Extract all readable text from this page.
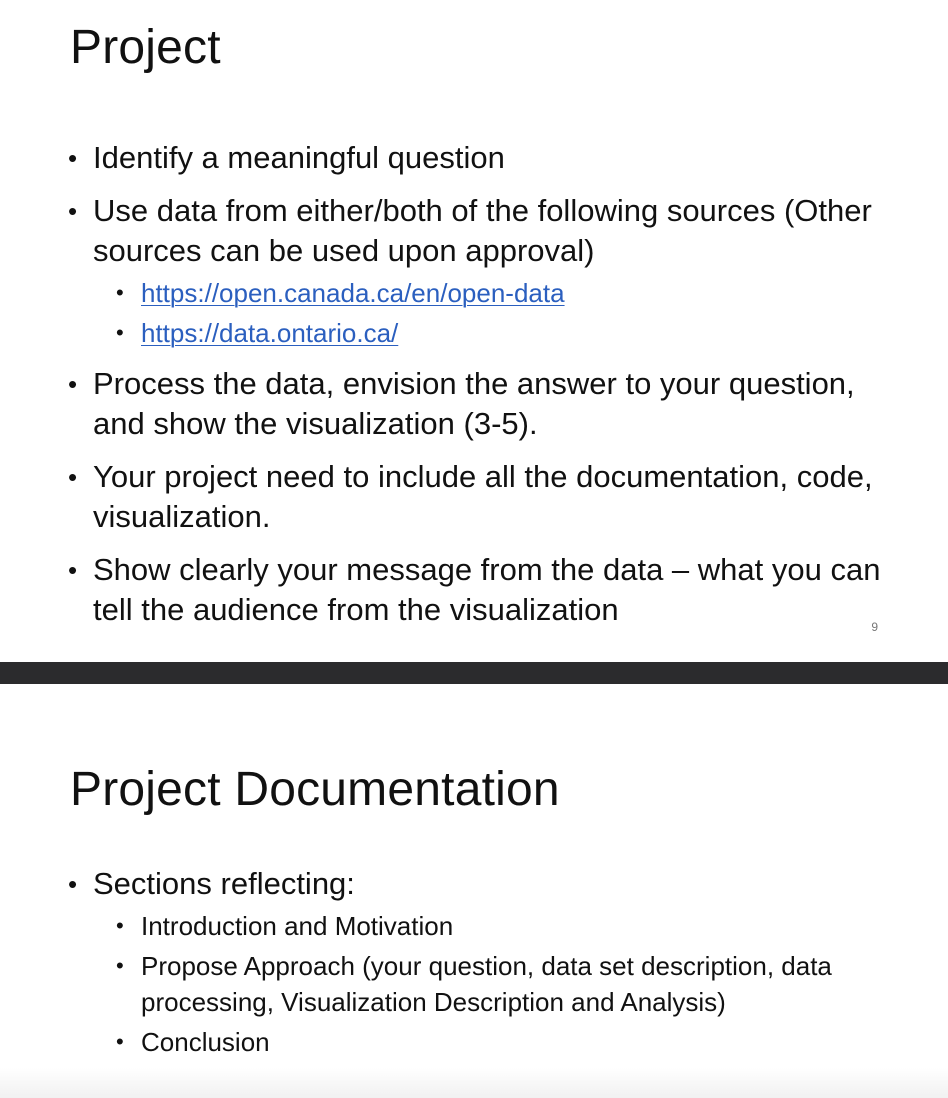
Project
• Identify a meaningful question
• Use data from either/both of the following sources (Other sources can be used upon approval)
• https://open.canada.ca/en/open-data
• https://data.ontario.ca/
• Process the data, envision the answer to your question, and show the visualization (3-5).
• Your project need to include all the documentation, code, visualization.
• Show clearly your message from the data – what you can tell the audience from the visualization	9
Project Documentation
• Sections reflecting:
• Introduction and Motivation
• Propose Approach (your question, data set description, data processing, Visualization Description and Analysis)
• Conclusion
